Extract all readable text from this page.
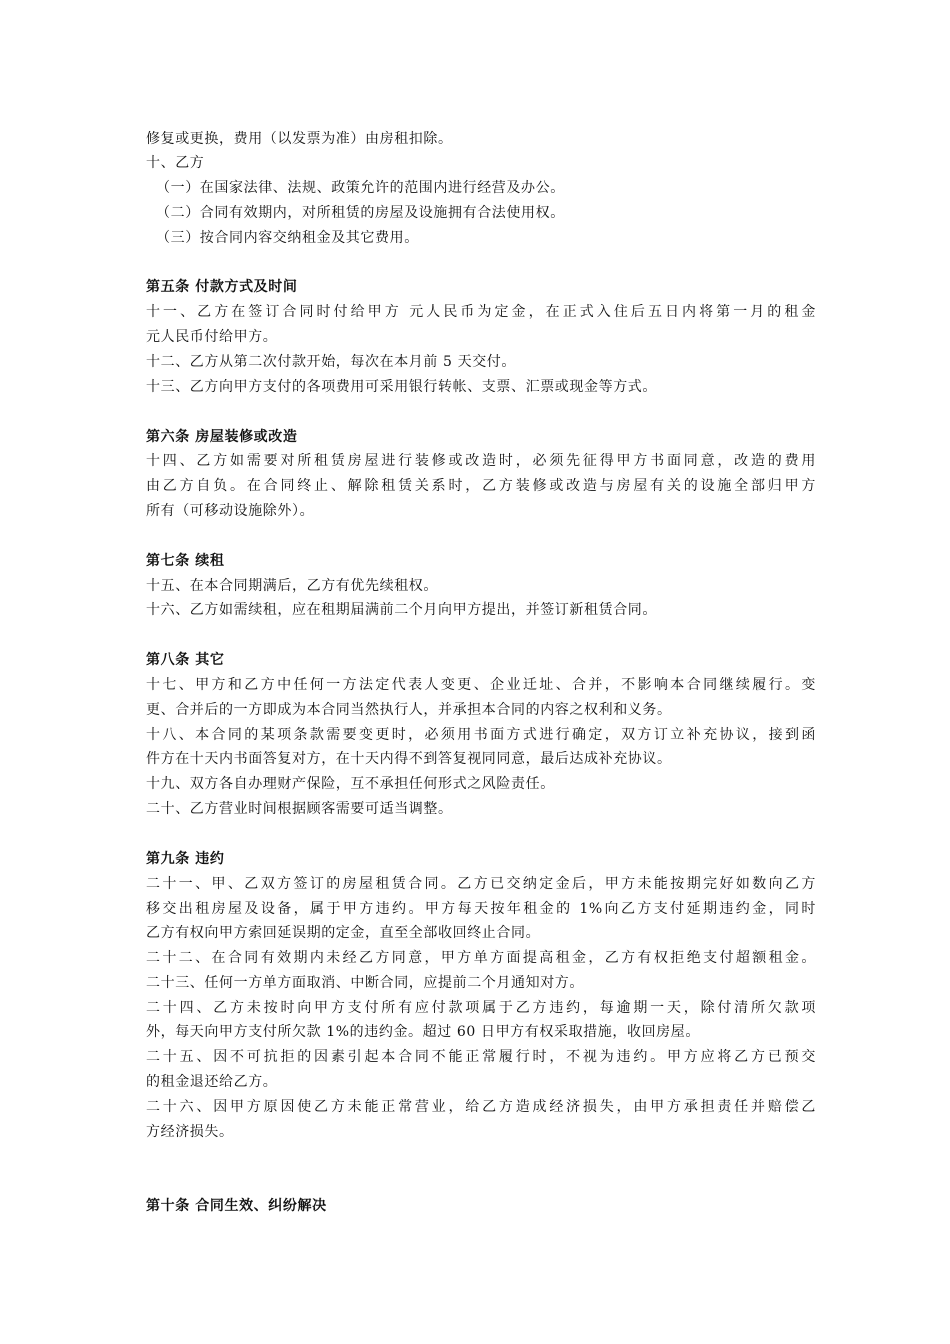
修复或更换，费用（以发票为准）由房租扣除。
十、乙方
（一）在国家法律、法规、政策允许的范围内进行经营及办公。
（二）合同有效期内，对所租赁的房屋及设施拥有合法使用权。
（三）按合同内容交纳租金及其它费用。
第五条 付款方式及时间
十一、乙方在签订合同时付给甲方 元人民币为定金，在正式入住后五日内将第一月的租金
元人民币付给甲方。
十二、乙方从第二次付款开始，每次在本月前 5 天交付。
十三、乙方向甲方支付的各项费用可采用银行转帐、支票、汇票或现金等方式。
第六条 房屋装修或改造
十四、乙方如需要对所租赁房屋进行装修或改造时，必须先征得甲方书面同意，改造的费用
由乙方自负。在合同终止、解除租赁关系时，乙方装修或改造与房屋有关的设施全部归甲方
所有（可移动设施除外）。
第七条 续租
十五、在本合同期满后，乙方有优先续租权。
十六、乙方如需续租，应在租期届满前二个月向甲方提出，并签订新租赁合同。
第八条 其它
十七、甲方和乙方中任何一方法定代表人变更、企业迁址、合并，不影响本合同继续履行。变
更、合并后的一方即成为本合同当然执行人，并承担本合同的内容之权利和义务。
十八、本合同的某项条款需要变更时，必须用书面方式进行确定，双方订立补充协议，接到函
件方在十天内书面答复对方，在十天内得不到答复视同同意，最后达成补充协议。
十九、双方各自办理财产保险，互不承担任何形式之风险责任。
二十、乙方营业时间根据顾客需要可适当调整。
第九条 违约
二十一、甲、乙双方签订的房屋租赁合同。乙方已交纳定金后，甲方未能按期完好如数向乙方
移交出租房屋及设备，属于甲方违约。甲方每天按年租金的 1%向乙方支付延期违约金，同时
乙方有权向甲方索回延误期的定金，直至全部收回终止合同。
二十二、在合同有效期内未经乙方同意，甲方单方面提高租金，乙方有权拒绝支付超额租金。
二十三、任何一方单方面取消、中断合同，应提前二个月通知对方。
二十四、乙方未按时向甲方支付所有应付款项属于乙方违约，每逾期一天，除付清所欠款项
外，每天向甲方支付所欠款 1%的违约金。超过 60 日甲方有权采取措施，收回房屋。
二十五、因不可抗拒的因素引起本合同不能正常履行时，不视为违约。甲方应将乙方已预交
的租金退还给乙方。
二十六、因甲方原因使乙方未能正常营业，给乙方造成经济损失，由甲方承担责任并赔偿乙
方经济损失。
第十条 合同生效、纠纷解决
